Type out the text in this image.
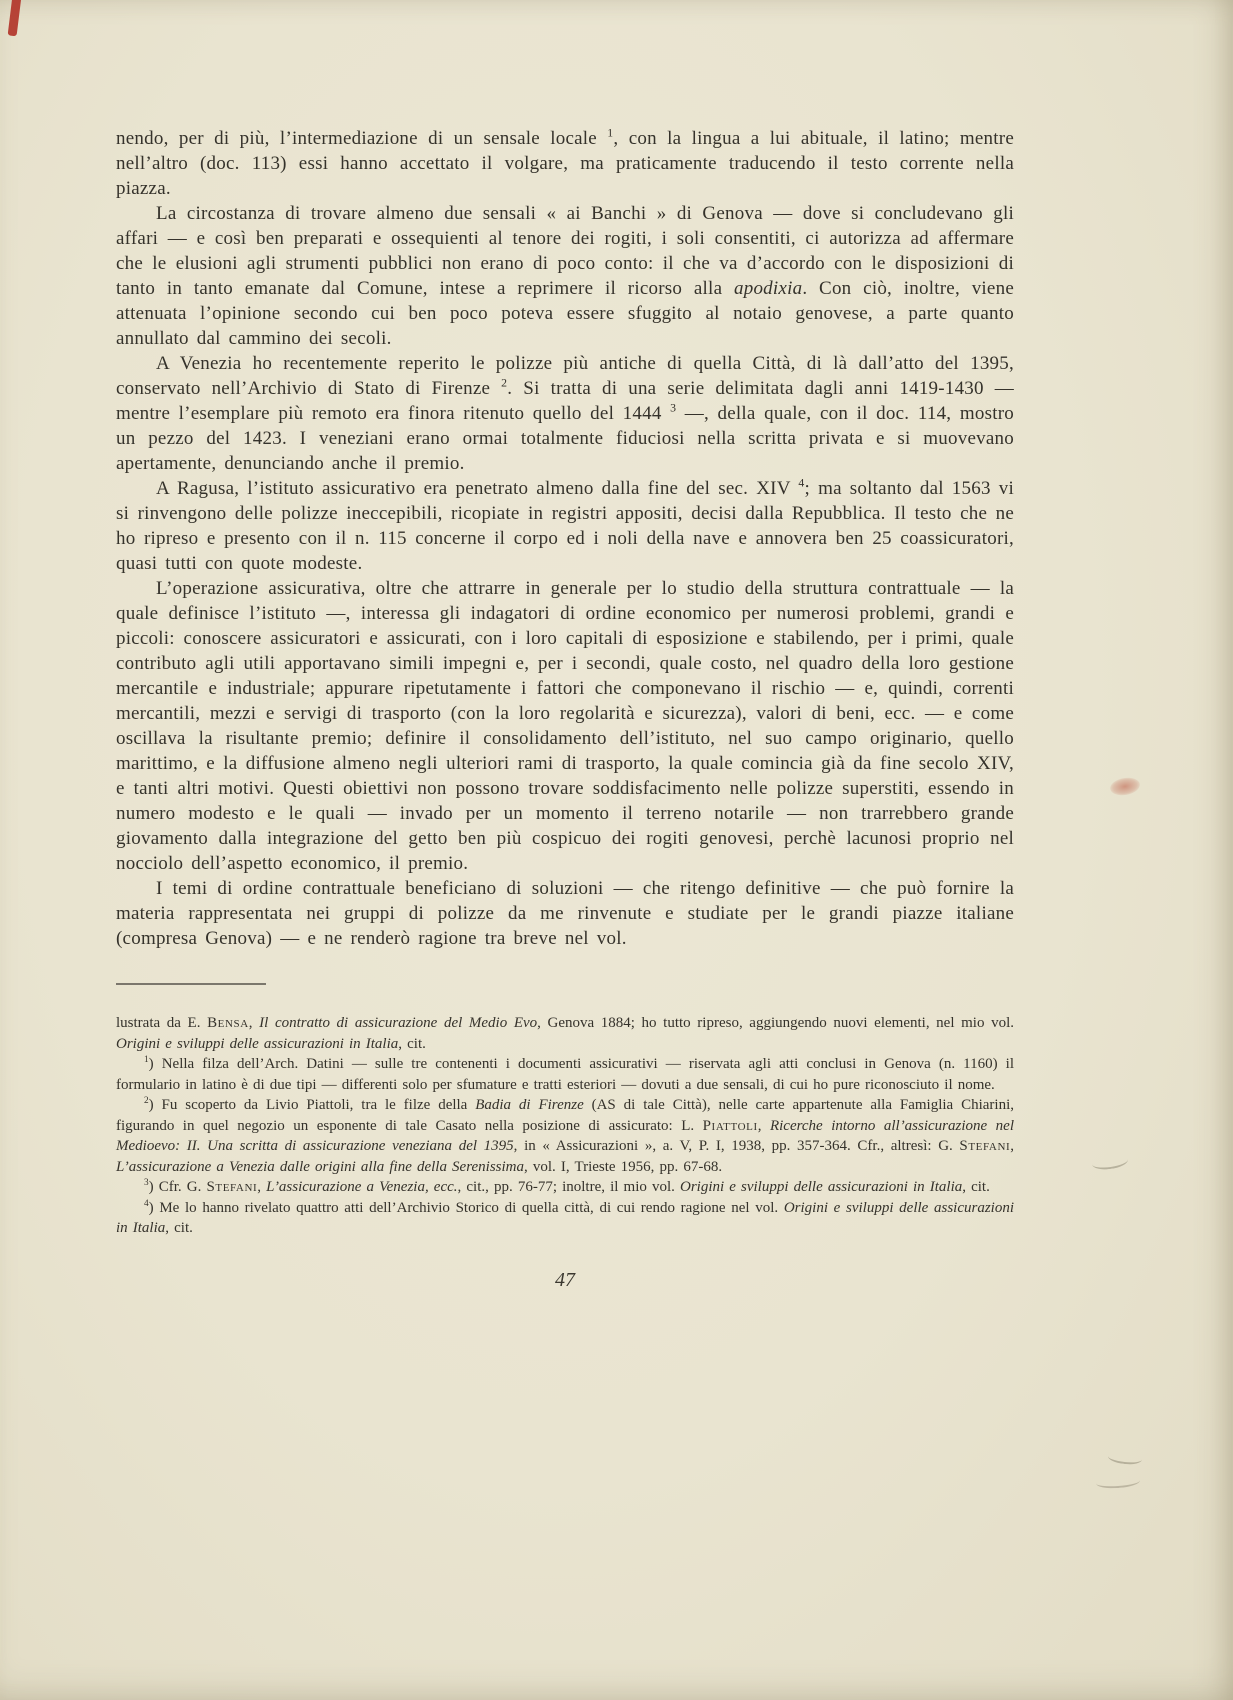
nendo, per di più, l’intermediazione di un sensale locale $^1$, con la lingua a lui abituale, il latino; mentre nell’altro (doc. 113) essi hanno accettato il volgare, ma praticamente traducendo il testo corrente nella piazza.

La circostanza di trovare almeno due sensali « ai Banchi » di Genova — dove si concludevano gli affari — e così ben preparati e ossequienti al tenore dei rogiti, i soli consentiti, ci autorizza ad affermare che le elusioni agli strumenti pubblici non erano di poco conto: il che va d’accordo con le disposizioni di tanto in tanto emanate dal Comune, intese a reprimere il ricorso alla apodixia. Con ciò, inoltre, viene attenuata l’opinione secondo cui ben poco poteva essere sfuggito al notaio genovese, a parte quanto annullato dal cammino dei secoli.

A Venezia ho recentemente reperito le polizze più antiche di quella Città, di là dall’atto del 1395, conservato nell’Archivio di Stato di Firenze $^2$. Si tratta di una serie delimitata dagli anni 1419-1430 — mentre l’esemplare più remoto era finora ritenuto quello del 1444 $^3$ —, della quale, con il doc. 114, mostro un pezzo del 1423. I veneziani erano ormai totalmente fiduciosi nella scritta privata e si muovevano apertamente, denunciando anche il premio.

A Ragusa, l’istituto assicurativo era penetrato almeno dalla fine del sec. XIV $^4$; ma soltanto dal 1563 vi si rinvengono delle polizze ineccepibili, ricopiate in registri appositi, decisi dalla Repubblica. Il testo che ne ho ripreso e presento con il n. 115 concerne il corpo ed i noli della nave e annovera ben 25 coassicuratori, quasi tutti con quote modeste.

L’operazione assicurativa, oltre che attrarre in generale per lo studio della struttura contrattuale — la quale definisce l’istituto —, interessa gli indagatori di ordine economico per numerosi problemi, grandi e piccoli: conoscere assicuratori e assicurati, con i loro capitali di esposizione e stabilendo, per i primi, quale contributo agli utili apportavano simili impegni e, per i secondi, quale costo, nel quadro della loro gestione mercantile e industriale; appurare ripetutamente i fattori che componevano il rischio — e, quindi, correnti mercantili, mezzi e servigi di trasporto (con la loro regolarità e sicurezza), valori di beni, ecc. — e come oscillava la risultante premio; definire il consolidamento dell’istituto, nel suo campo originario, quello marittimo, e la diffusione almeno negli ulteriori rami di trasporto, la quale comincia già da fine secolo XIV, e tanti altri motivi. Questi obiettivi non possono trovare soddisfacimento nelle polizze superstiti, essendo in numero modesto e le quali — invado per un momento il terreno notarile — non trarrebbero grande giovamento dalla integrazione del getto ben più cospicuo dei rogiti genovesi, perchè lacunosi proprio nel nocciolo dell’aspetto economico, il premio.

I temi di ordine contrattuale beneficiano di soluzioni — che ritengo definitive — che può fornire la materia rappresentata nei gruppi di polizze da me rinvenute e studiate per le grandi piazze italiane (compresa Genova) — e ne renderò ragione tra breve nel vol.

lustrata da E. Bensa, Il contratto di assicurazione del Medio Evo, Genova 1884; ho tutto ripreso, aggiungendo nuovi elementi, nel mio vol. Origini e sviluppi delle assicurazioni in Italia, cit.

$^1$) Nella filza dell’Arch. Datini — sulle tre contenenti i documenti assicurativi — riservata agli atti conclusi in Genova (n. 1160) il formulario in latino è di due tipi — differenti solo per sfumature e tratti esteriori — dovuti a due sensali, di cui ho pure riconosciuto il nome.

$^2$) Fu scoperto da Livio Piattoli, tra le filze della Badia di Firenze (AS di tale Città), nelle carte appartenute alla Famiglia Chiarini, figurando in quel negozio un esponente di tale Casato nella posizione di assicurato: L. Piattoli, Ricerche intorno all’assicurazione nel Medioevo: II. Una scritta di assicurazione veneziana del 1395, in « Assicurazioni », a. V, P. I, 1938, pp. 357-364. Cfr., altresì: G. Stefani, L’assicurazione a Venezia dalle origini alla fine della Serenissima, vol. I, Trieste 1956, pp. 67-68.

$^3$) Cfr. G. Stefani, L’assicurazione a Venezia, ecc., cit., pp. 76-77; inoltre, il mio vol. Origini e sviluppi delle assicurazioni in Italia, cit.

$^4$) Me lo hanno rivelato quattro atti dell’Archivio Storico di quella città, di cui rendo ragione nel vol. Origini e sviluppi delle assicurazioni in Italia, cit.

47
